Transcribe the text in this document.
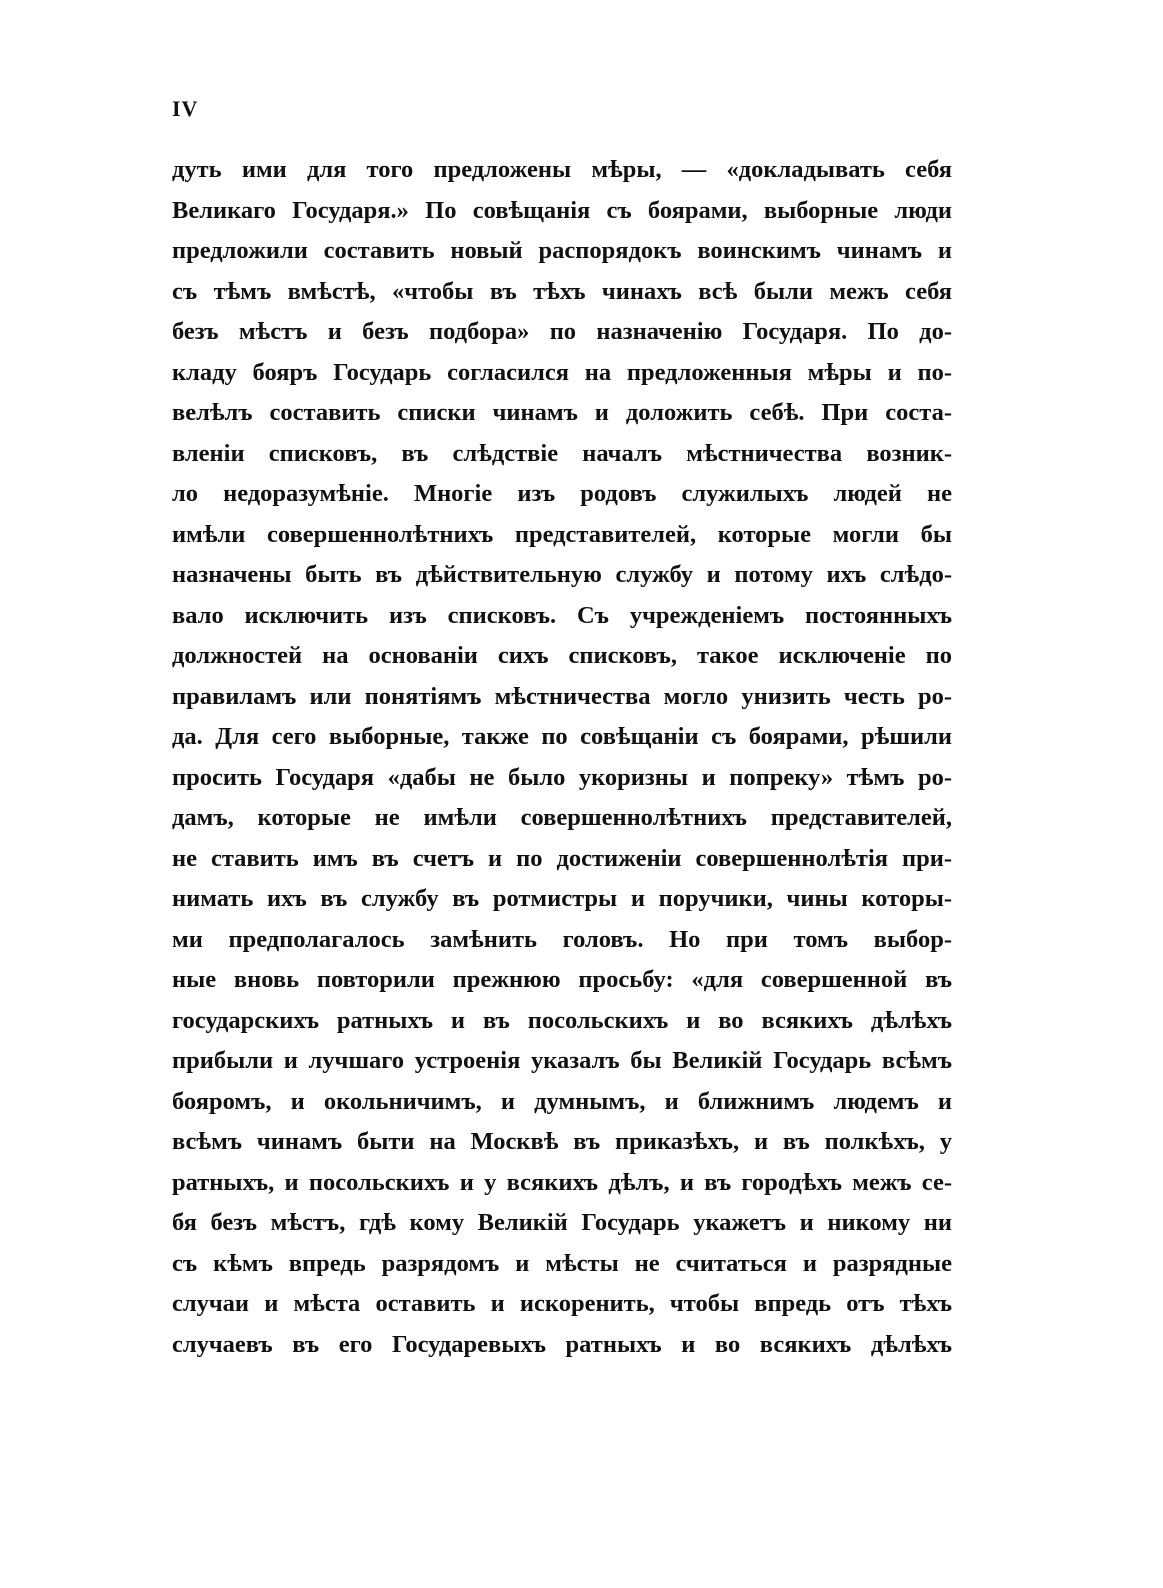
IV
дуть ими для того предложены мѣры, — «докладывать себя
Великаго Государя.» По совѣщанія съ боярами, выборные люди
предложили составить новый распорядокъ воинскимъ чинамъ и
съ тѣмъ вмѣстѣ, «чтобы въ тѣхъ чинахъ всѣ были межъ себя
безъ мѣстъ и безъ подбора» по назначенію Государя. По до-
кладу бояръ Государь согласился на предложенныя мѣры и по-
велѣлъ составить списки чинамъ и доложить себѣ. При соста-
вленіи списковъ, въ слѣдствіе началъ мѣстничества возник-
ло недоразумѣніе. Многіе изъ родовъ служилыхъ людей не
имѣли совершеннолѣтнихъ представителей, которые могли бы
назначены быть въ дѣйствительную службу и потому ихъ слѣдо-
вало исключить изъ списковъ. Съ учрежденіемъ постоянныхъ
должностей на основаніи сихъ списковъ, такое исключеніе по
правиламъ или понятіямъ мѣстничества могло унизить честь ро-
да. Для сего выборные, также по совѣщаніи съ боярами, рѣшили
просить Государя «дабы не было укоризны и попреку» тѣмъ ро-
дамъ, которые не имѣли совершеннолѣтнихъ представителей,
не ставить имъ въ счетъ и по достиженіи совершеннолѣтія при-
нимать ихъ въ службу въ ротмистры и поручики, чины которы-
ми предполагалось замѣнить головъ. Но при томъ выбор-
ные вновь повторили прежнюю просьбу: «для совершенной въ
государскихъ ратныхъ и въ посольскихъ и во всякихъ дѣлѣхъ
прибыли и лучшаго устроенія указалъ бы Великій Государь всѣмъ
бояромъ, и окольничимъ, и думнымъ, и ближнимъ людемъ и
всѣмъ чинамъ быти на Москвѣ въ приказѣхъ, и въ полкѣхъ, у
ратныхъ, и посольскихъ и у всякихъ дѣлъ, и въ городѣхъ межъ се-
бя безъ мѣстъ, гдѣ кому Великій Государь укажетъ и никому ни
съ кѣмъ впредь разрядомъ и мѣсты не считаться и разрядные
случаи и мѣста оставить и искоренить, чтобы впредь отъ тѣхъ
случаевъ въ его Государевыхъ ратныхъ и во всякихъ дѣлѣхъ
